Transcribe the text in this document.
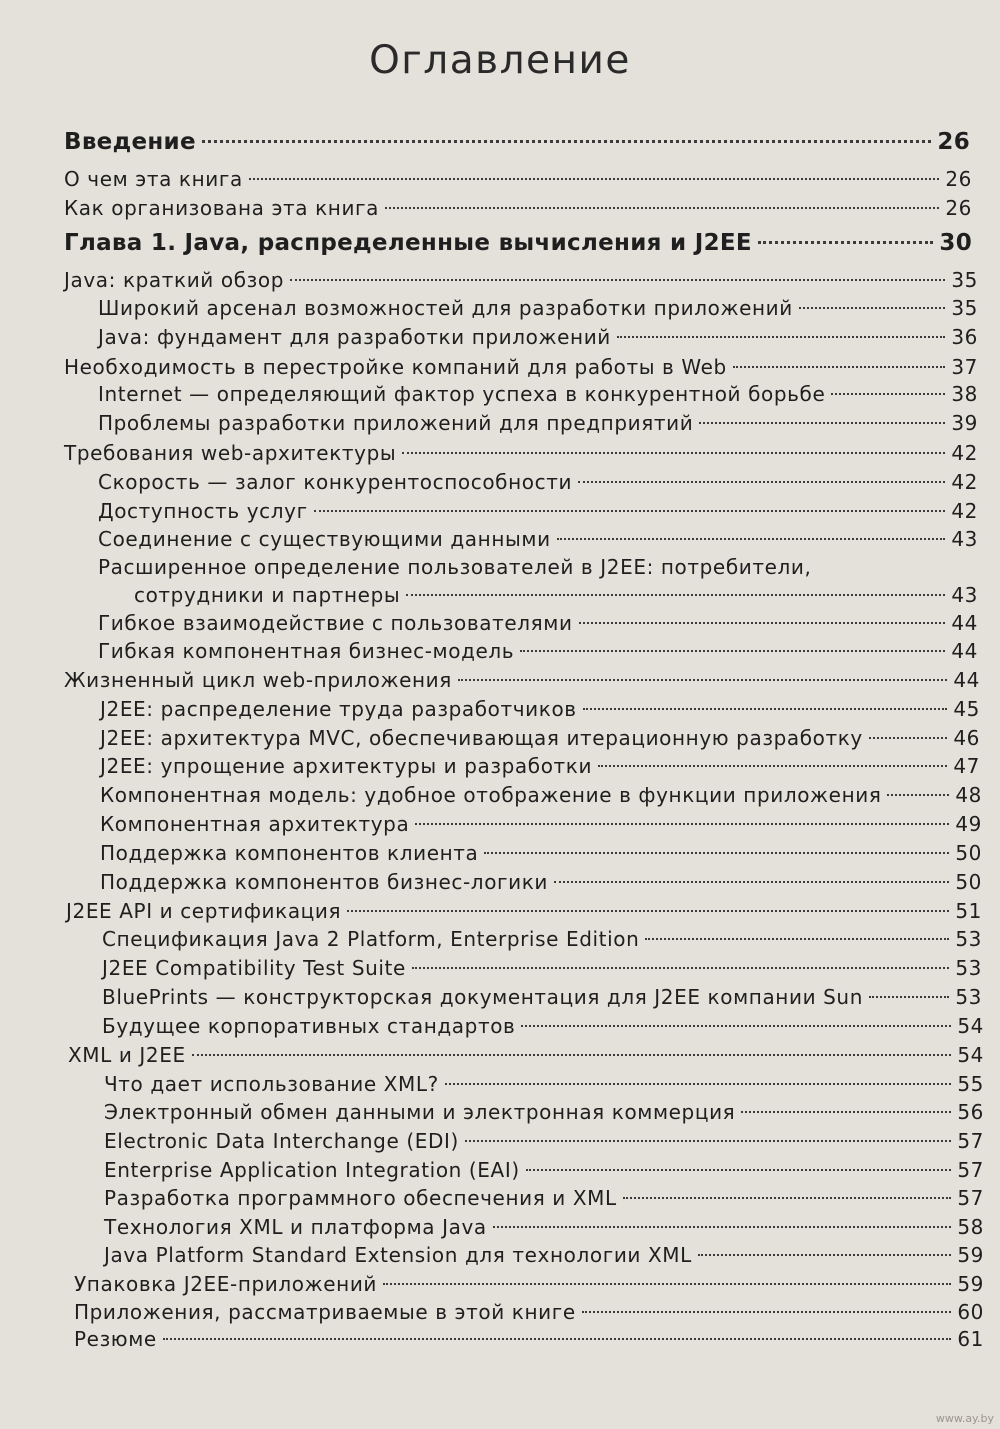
Оглавление
Введение	26
О чем эта книга	26
Как организована эта книга	26
Глава 1. Java, распределенные вычисления и J2EE	30
Java: краткий обзор	35
Широкий арсенал возможностей для разработки приложений	35
Java: фундамент для разработки приложений	36
Необходимость в перестройке компаний для работы в Web	37
Internet — определяющий фактор успеха в конкурентной борьбе	38
Проблемы разработки приложений для предприятий	39
Требования web-архитектуры	42
Скорость — залог конкурентоспособности	42
Доступность услуг	42
Соединение с существующими данными	43
Расширенное определение пользователей в J2EE: потребители,
сотрудники и партнеры	43
Гибкое взаимодействие с пользователями	44
Гибкая компонентная бизнес-модель	44
Жизненный цикл web-приложения	44
J2EE: распределение труда разработчиков	45
J2EE: архитектура MVC, обеспечивающая итерационную разработку	46
J2EE: упрощение архитектуры и разработки	47
Компонентная модель: удобное отображение в функции приложения	48
Компонентная архитектура	49
Поддержка компонентов клиента	50
Поддержка компонентов бизнес-логики	50
J2EE API и сертификация	51
Спецификация Java 2 Platform, Enterprise Edition	53
J2EE Compatibility Test Suite	53
BluePrints — конструкторская документация для J2EE компании Sun	53
Будущее корпоративных стандартов	54
XML и J2EE	54
Что дает использование XML?	55
Электронный обмен данными и электронная коммерция	56
Electronic Data Interchange (EDI)	57
Enterprise Application Integration (EAI)	57
Разработка программного обеспечения и XML	57
Технология XML и платформа Java	58
Java Platform Standard Extension для технологии XML	59
Упаковка J2EE-приложений	59
Приложения, рассматриваемые в этой книге	60
Резюме	61
www.ay.by
